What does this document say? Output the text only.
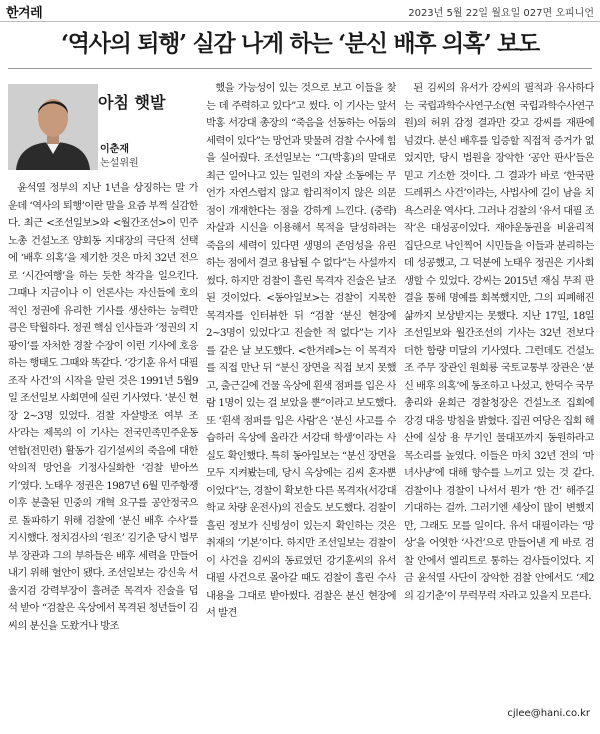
한겨레	2023년 5월 22일 월요일 027면 오피니언
‘역사의 퇴행’ 실감 나게 하는 ‘분신 배후 의혹’ 보도
아침 햇발
이춘재
논설위원
윤석열 정부의 지난 1년을 상징하는 말 가운데 ‘역사의 퇴행’이란 말을 요즘 부쩍 실감한다. 최근 <조선일보>와 <월간조선>이 민주노총 건설노조 양회동 지대장의 극단적 선택에 ‘배후 의혹’을 제기한 것은 마치 32년 전으로 ‘시간여행’을 하는 듯한 착각을 일으킨다. 그때나 지금이나 이 언론사는 자신들에 호의적인 정권에 유리한 기사를 생산하는 능력만큼은 탁월하다. 정권 핵심 인사들과 ‘정권의 지팡이’를 자처한 경찰 수장이 이런 기사에 호응하는 행태도 그때와 똑같다. ‘강기훈 유서 대필 조작 사건’의 시작을 알린 것은 1991년 5월9일 조선일보 사회면에 실린 기사였다. ‘분신 현장 2~3명 있었다. 검찰 자살방조 여부 조사’라는 제목의 이 기사는 전국민족민주운동연합(전민련) 활동가 김기설씨의 죽음에 대한 악의적 망언을 기정사실화한 ‘검찰 받아쓰기’였다. 노태우 정권은 1987년 6월 민주항쟁 이후 분출된 민중의 개혁 요구를 공안정국으로 돌파하기 위해 검찰에 ‘분신 배후 수사’를 지시했다. 정치검사의 ‘원조’ 김기춘 당시 법무부 장관과 그의 부하들은 배후 세력을 만들어내기 위해 혈안이 됐다. 조선일보는 강신욱 서울지검 강력부장이 흘려준 목격자 진술을 덥석 받아 “검찰은 옥상에서 목격된 청년들이 김씨의 분신을 도왔거나 방조
했을 가능성이 있는 것으로 보고 이들을 찾는 데 주력하고 있다”고 썼다. 이 기사는 앞서 박홍 서강대 총장의 “죽음을 선동하는 어둠의 세력이 있다”는 망언과 맞물려 검찰 수사에 힘을 실어줬다. 조선일보는 “그(박홍)의 말대로 최근 일어나고 있는 일련의 자살 소동에는 무언가 자연스럽지 않고 합리적이지 않은 의문점이 개재한다는 점을 강하게 느낀다. (중략) 자살과 시신을 이용해서 목적을 달성하려는 죽음의 세력이 있다면 생명의 존엄성을 유린하는 점에서 결코 용납될 수 없다”는 사설까지 썼다. 하지만 검찰이 흘린 목격자 진술은 날조된 것이었다. <동아일보>는 검찰이 지목한 목격자를 인터뷰한 뒤 “검찰 ‘분신 현장에 2~3명이 있었다’고 진술한 적 없다”는 기사를 같은 날 보도했다. <한겨레>는 이 목격자를 직접 만난 뒤 “분신 장면을 직접 보지 못했고, 출근길에 건물 옥상에 흰색 점퍼를 입은 사람 1명이 있는 걸 보았을 뿐”이라고 보도했다. 또 ‘흰색 점퍼를 입은 사람’은 ‘분신 사고를 수습하러 옥상에 올라간 서강대 학생’이라는 사실도 확인했다. 특히 동아일보는 “분신 장면을 모두 지켜봤는데, 당시 옥상에는 김씨 혼자뿐이었다”는, 경찰이 확보한 다른 목격자(서강대 학교 차량 운전사)의 진술도 보도했다. 검찰이 흘린 정보가 신빙성이 있는지 확인하는 것은 취재의 ‘기본’이다. 하지만 조선일보는 검찰이 이 사건을 김씨의 동료였던 강기훈씨의 유서 대필 사건으로 몰아갈 때도 검찰이 흘린 수사 내용을 그대로 받아썼다. 검찰은 분신 현장에서 발견
된 김씨의 유서가 강씨의 필적과 유사하다는 국립과학수사연구소(현 국립과학수사연구원)의 허위 감정 결과만 갖고 강씨를 재판에 넘겼다. 분신 배후를 입증할 직접적 증거가 없었지만, 당시 법원을 장악한 ‘공안 판사’들은 믿고 기소한 것이다. 그 결과가 바로 ‘한국판 드레퓌스 사건’이라는, 사법사에 길이 남을 치욕스러운 역사다. 그러나 검찰의 ‘유서 대필 조작’은 대성공이었다. 재야운동권을 비윤리적 집단으로 낙인찍어 시민들을 이들과 분리하는 데 성공했고, 그 덕분에 노태우 정권은 기사회생할 수 있었다. 강씨는 2015년 재심 무죄 판결을 통해 명예를 회복했지만, 그의 피폐해진 삶까지 보상받지는 못했다. 지난 17일, 18일 조선일보와 월간조선의 기사는 32년 전보다 더한 함량 미달의 기사였다. 그런데도 건설노조 주무 장관인 원희룡 국토교통부 장관은 ‘분신 배후 의혹’에 동조하고 나섰고, 한덕수 국무총리와 윤희근 경찰청장은 건설노조 집회에 강경 대응 방침을 밝혔다. 집권 여당은 집회 해산에 실상 용 무기인 물대포까지 동원하라고 목소리를 높였다. 이들은 마치 32년 전의 ‘마녀사냥’에 대해 향수를 느끼고 있는 것 같다. 검찰이나 경찰이 나서서 뭔가 ‘한 건’ 해주길 기대하는 걸까. 그러기엔 세상이 많이 변했지만, 그래도 모를 일이다. 유서 대필이라는 ‘망상’을 어엿한 ‘사건’으로 만들어낸 게 바로 검찰 안에서 엘리트로 통하는 검사들이었다. 지금 윤석열 사단이 장악한 검찰 안에서도 ‘제2의 김기춘’이 무럭무럭 자라고 있을지 모른다.
cjlee@hani.co.kr
